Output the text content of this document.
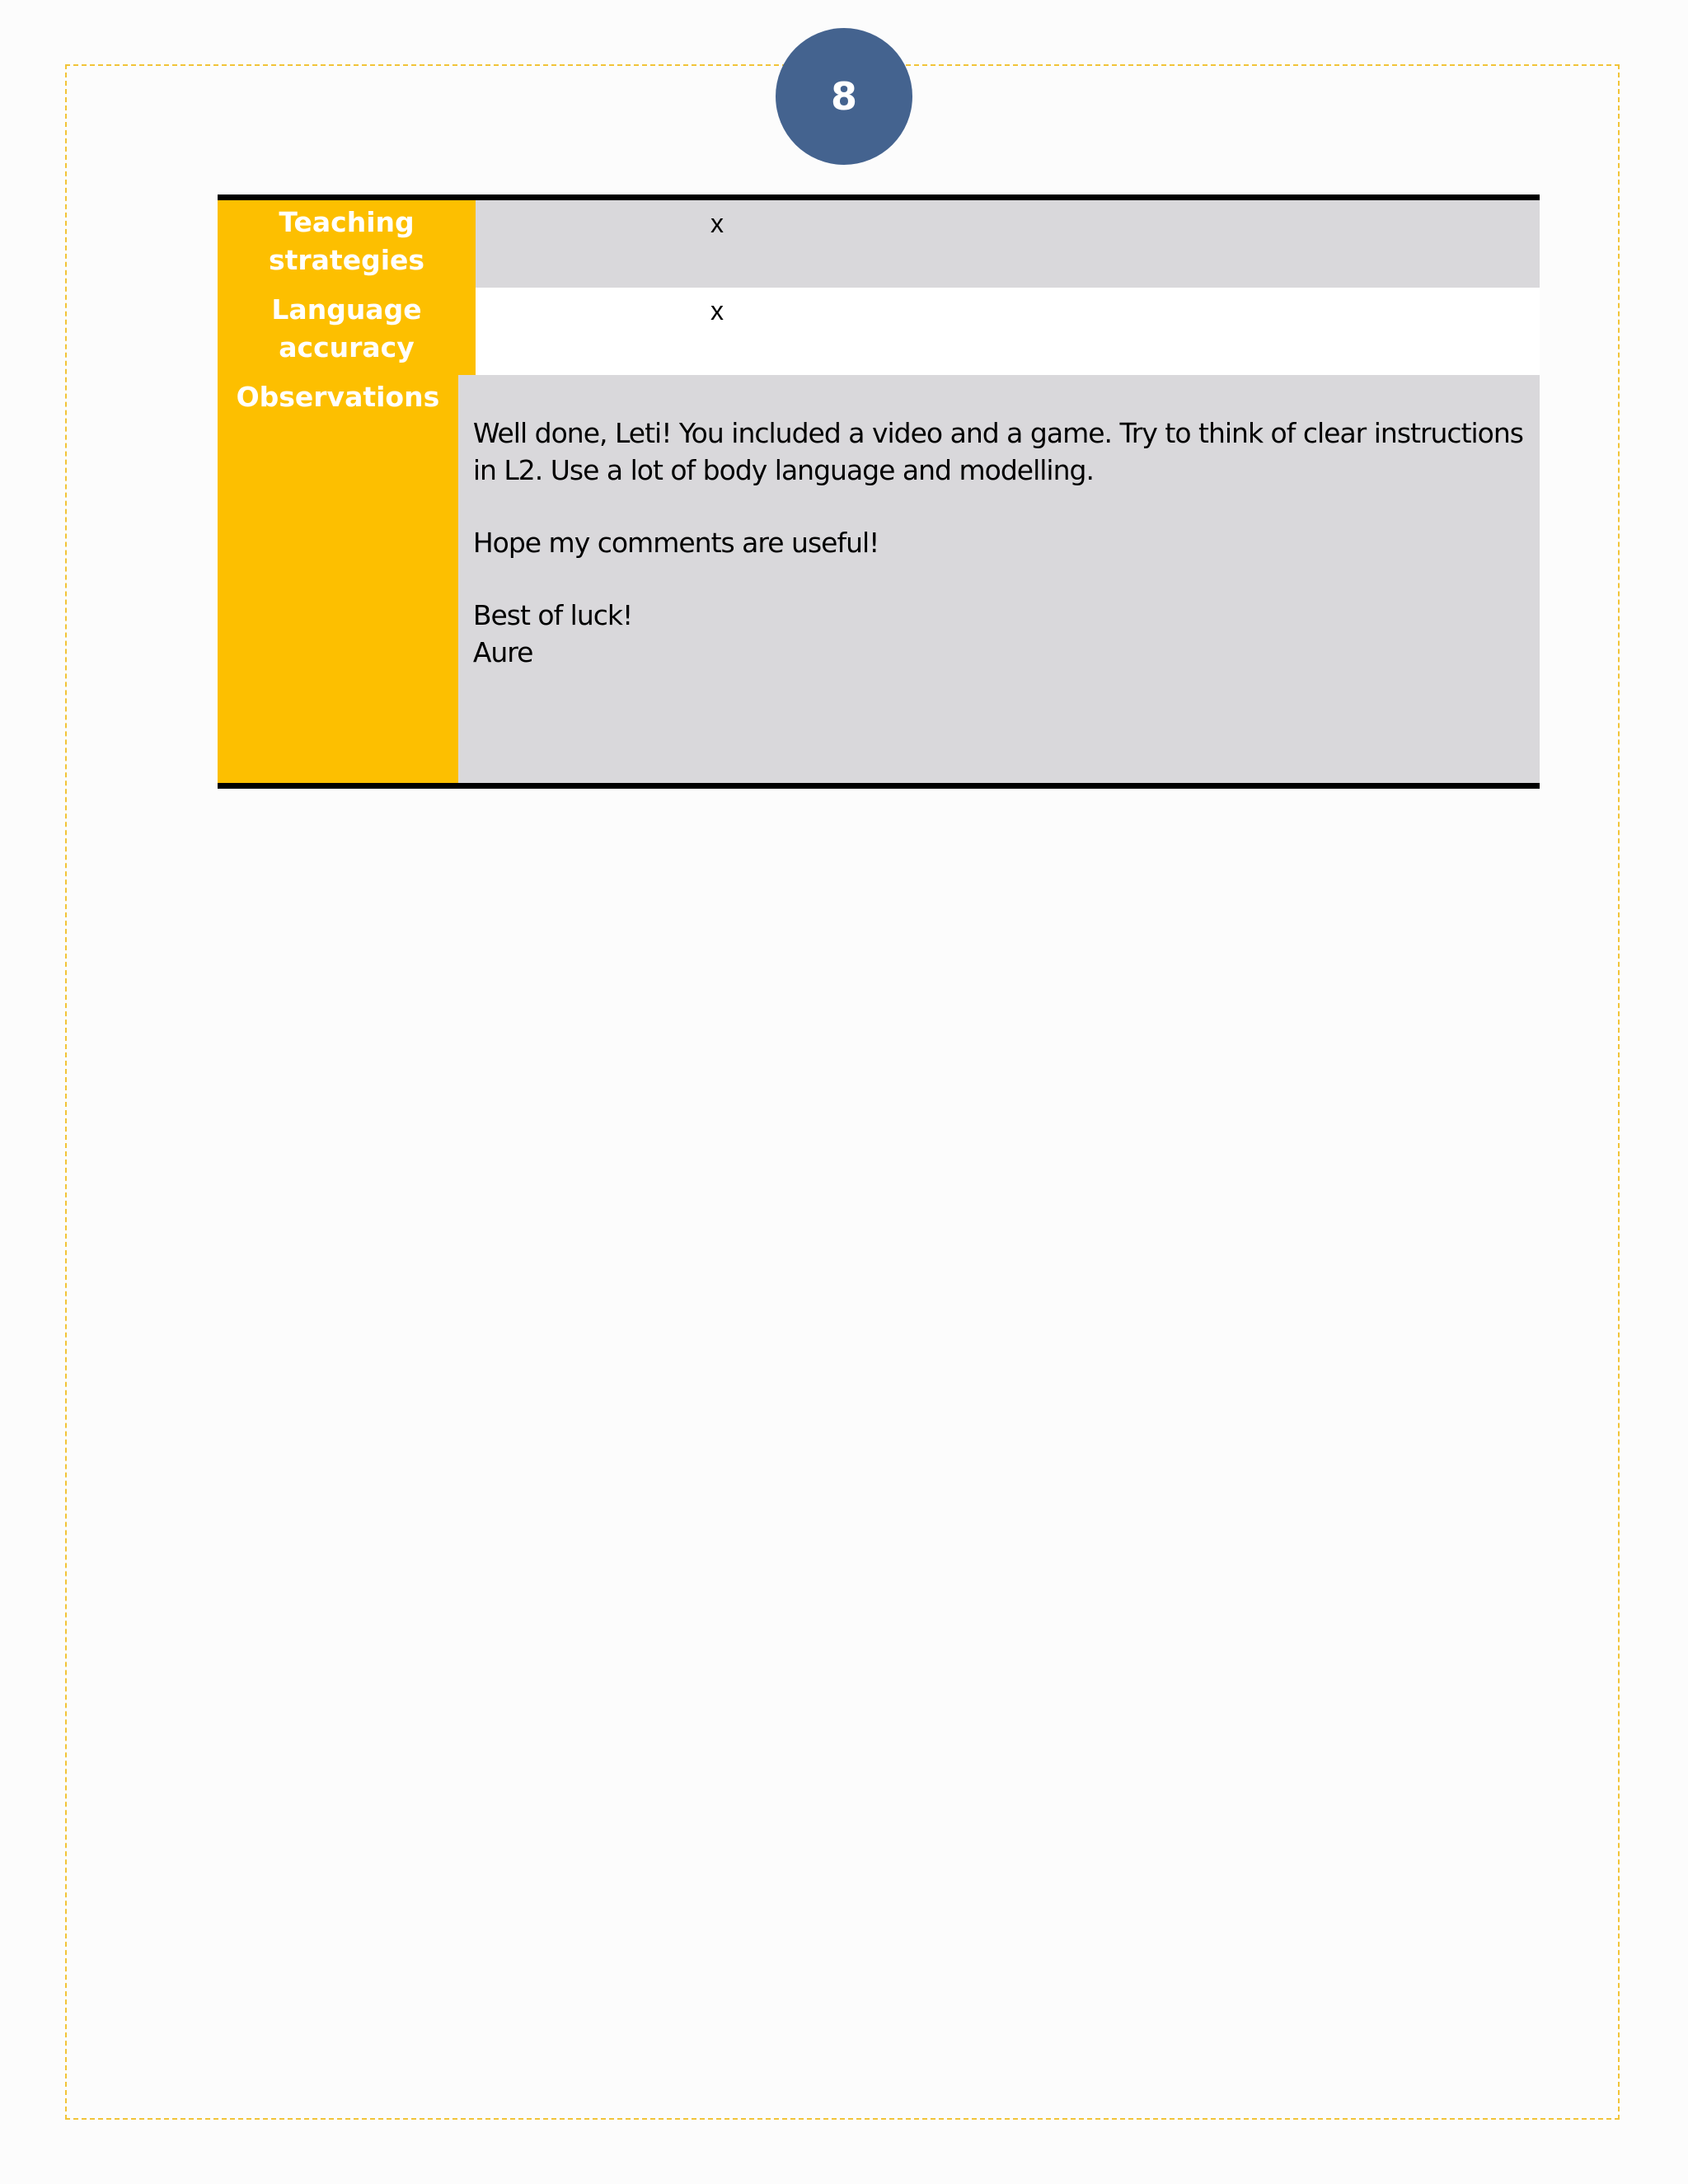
8
Teaching
strategies
x
Language
accuracy
x
Observations
Well done, Leti! You included a video and a game. Try to think of clear instructions
in L2. Use a lot of body language and modelling.
Hope my comments are useful!
Best of luck!
Aure
